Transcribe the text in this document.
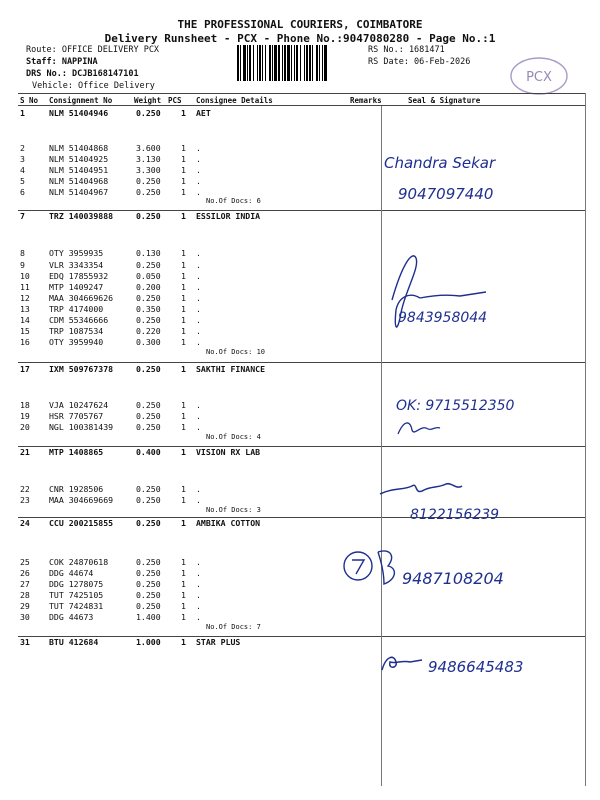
THE PROFESSIONAL COURIERS, COIMBATORE
Delivery Runsheet - PCX - Phone No.:9047080280 - Page No.:1
Route: OFFICE DELIVERY PCX
Staff: NAPPINA
DRS No.: DCJB168147101
Vehicle: Office Delivery
RS No.: 1681471
RS Date: 06-Feb-2026
PCX
S No Consignment No	Weight PCS Consignee Details	Remarks	Seal & Signature
1	NLM 51404946	0.250 1 AET
2	NLM 51404868	3.600 1 .
3	NLM 51404925	3.130 1 .
4	NLM 51404951	3.300 1 .
5	NLM 51404968	0.250 1 .
6	NLM 51404967	0.250 1 .
7	TRZ 140039888	0.250 1 ESSILOR INDIA
8	OTY 3959935	0.130 1 .
9	VLR 3343354	0.250 1 .
10 EDQ 17855932	0.050 1 .
11 MTP 1409247	0.200 1 .
12 MAA 304669626	0.250 1 .
13 TRP 4174000	0.350 1 .
14 CDM 55346666	0.250 1 .
15 TRP 1087534	0.220 1 .
16 OTY 3959940	0.300 1 .
17 IXM 509767378	0.250 1 SAKTHI FINANCE
18 VJA 10247624	0.250 1 .
19 HSR 7705767	0.250 1 .
20 NGL 100381439	0.250 1 .
21 MTP 1408865	0.400 1 VISION RX LAB
22 CNR 1928506	0.250 1 .
23 MAA 304669669	0.250 1 .
24 CCU 200215855	0.250 1 AMBIKA COTTON
25 COK 24870618	0.250 1 .
26 DDG 44674	0.250 1 .
27 DDG 1278075	0.250 1 .
28 TUT 7425105	0.250 1 .
29 TUT 7424831	0.250 1 .
30 DDG 44673	1.400 1 .
31 BTU 412684	1.000 1 STAR PLUS
No.Of Docs: 6
No.Of Docs: 10
No.Of Docs: 4
No.Of Docs: 3
No.Of Docs: 7
Chandra Sekar
9047097440
9843958044
OK: 9715512350
8122156239
9487108204
9486645483
